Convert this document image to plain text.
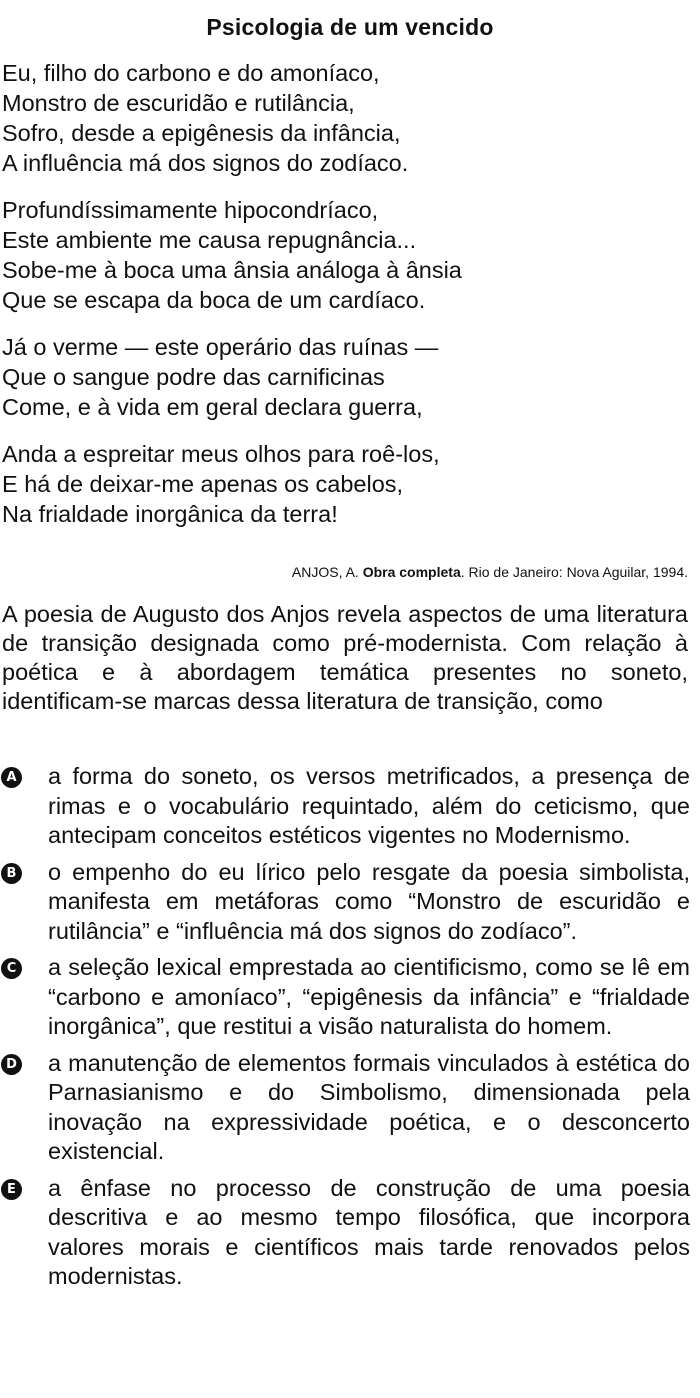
Psicologia de um vencido
Eu, filho do carbono e do amoníaco,
Monstro de escuridão e rutilância,
Sofro, desde a epigênesis da infância,
A influência má dos signos do zodíaco.
Profundíssimamente hipocondríaco,
Este ambiente me causa repugnância...
Sobe-me à boca uma ânsia análoga à ânsia
Que se escapa da boca de um cardíaco.
Já o verme — este operário das ruínas —
Que o sangue podre das carnificinas
Come, e à vida em geral declara guerra,
Anda a espreitar meus olhos para roê-los,
E há de deixar-me apenas os cabelos,
Na frialdade inorgânica da terra!
ANJOS, A. Obra completa. Rio de Janeiro: Nova Aguilar, 1994.
A poesia de Augusto dos Anjos revela aspectos de uma literatura de transição designada como pré-modernista. Com relação à poética e à abordagem temática presentes no soneto, identificam-se marcas dessa literatura de transição, como
A a forma do soneto, os versos metrificados, a presença de rimas e o vocabulário requintado, além do ceticismo, que antecipam conceitos estéticos vigentes no Modernismo.
B o empenho do eu lírico pelo resgate da poesia simbolista, manifesta em metáforas como “Monstro de escuridão e rutilância” e “influência má dos signos do zodíaco”.
C a seleção lexical emprestada ao cientificismo, como se lê em “carbono e amoníaco”, “epigênesis da infância” e “frialdade inorgânica”, que restitui a visão naturalista do homem.
D a manutenção de elementos formais vinculados à estética do Parnasianismo e do Simbolismo, dimensionada pela inovação na expressividade poética, e o desconcerto existencial.
E a ênfase no processo de construção de uma poesia descritiva e ao mesmo tempo filosófica, que incorpora valores morais e científicos mais tarde renovados pelos modernistas.
